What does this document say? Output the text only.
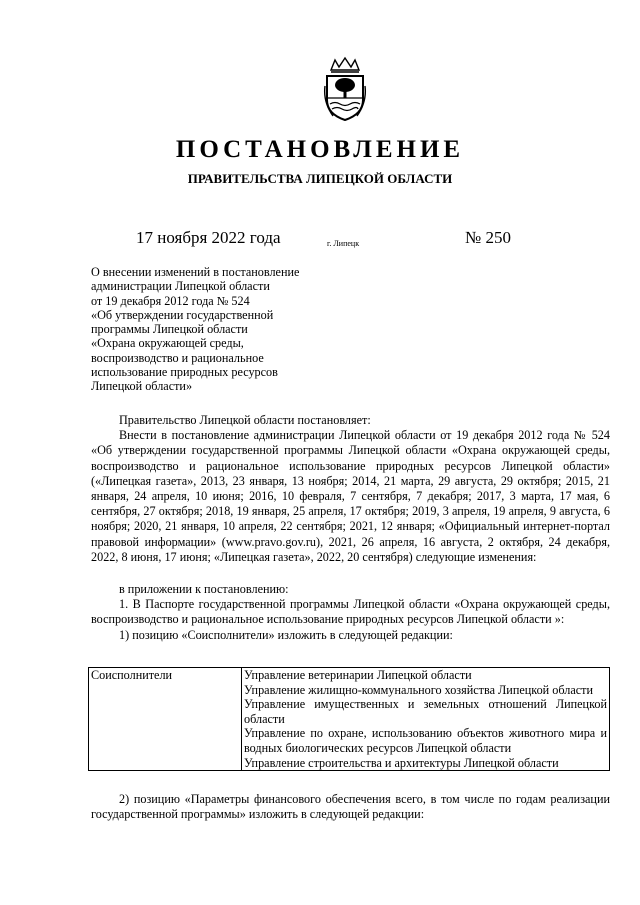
ПОСТАНОВЛЕНИЕ
ПРАВИТЕЛЬСТВА ЛИПЕЦКОЙ ОБЛАСТИ
17 ноября 2022 года	г. Липецк	№ 250
О внесении изменений в постановление
администрации Липецкой области
от 19 декабря 2012 года № 524
«Об утверждении государственной
программы Липецкой области
«Охрана окружающей среды,
воспроизводство и рациональное
использование природных ресурсов
Липецкой области»

Правительство Липецкой области постановляет:

Внести в постановление администрации Липецкой области от 19 декабря 2012 года № 524 «Об утверждении государственной программы Липецкой области «Охрана окружающей среды, воспроизводство и рациональное использование природных ресурсов Липецкой области» («Липецкая газета», 2013, 23 января, 13 ноября; 2014, 21 марта, 29 августа, 29 октября; 2015, 21 января, 24 апреля, 10 июня; 2016, 10 февраля, 7 сентября, 7 декабря; 2017, 3 марта, 17 мая, 6 сентября, 27 октября; 2018, 19 января, 25 апреля, 17 октября; 2019, 3 апреля, 19 апреля, 9 августа, 6 ноября; 2020, 21 января, 10 апреля, 22 сентября; 2021, 12 января; «Официальный интернет-портал правовой информации» (www.pravo.gov.ru), 2021, 26 апреля, 16 августа, 2 октября, 24 декабря, 2022, 8 июня, 17 июня; «Липецкая газета», 2022, 20 сентября) следующие изменения:

в приложении к постановлению:

1. В Паспорте государственной программы Липецкой области «Охрана окружающей среды, воспроизводство и рациональное использование природных ресурсов Липецкой области »:

1) позицию «Соисполнители» изложить в следующей редакции:

Соисполнители	Управление ветеринарии Липецкой области
Управление жилищно-коммунального хозяйства Липецкой области
Управление имущественных и земельных отношений Липецкой области
Управление по охране, использованию объектов животного мира и водных биологических ресурсов Липецкой области
Управление строительства и архитектуры Липецкой области

2) позицию «Параметры финансового обеспечения всего, в том числе по годам реализации государственной программы» изложить в следующей редакции:
